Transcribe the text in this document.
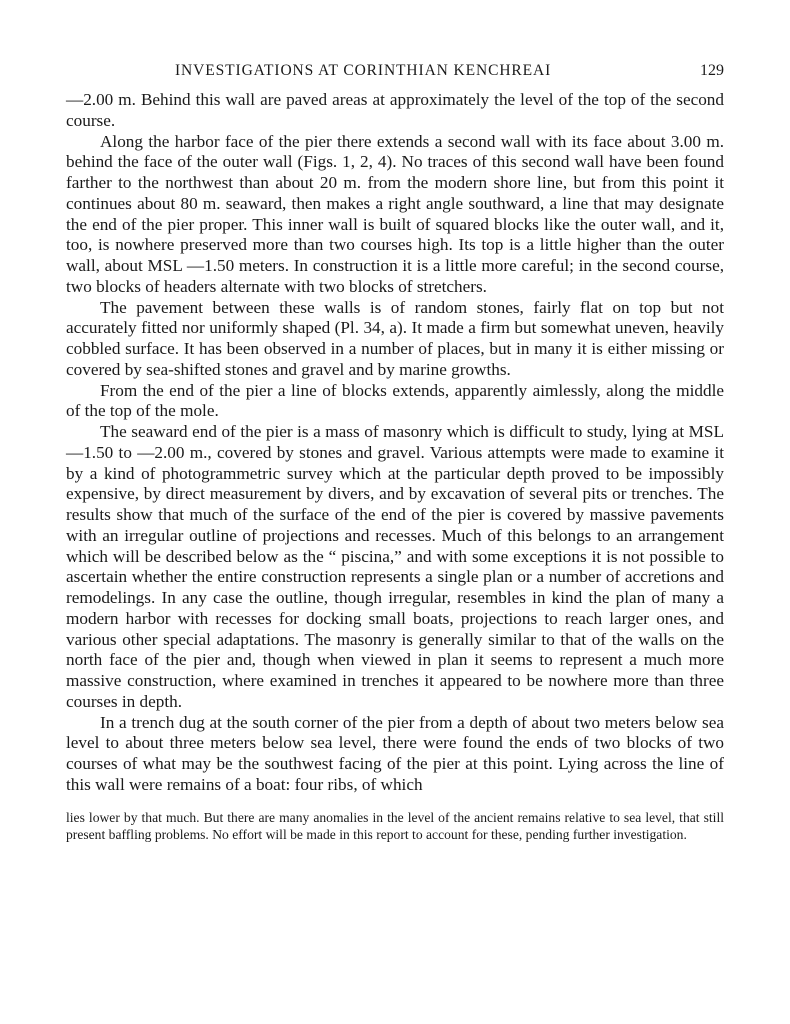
INVESTIGATIONS AT CORINTHIAN KENCHREAI	129

—2.00 m. Behind this wall are paved areas at approximately the level of the top of the second course.

Along the harbor face of the pier there extends a second wall with its face about 3.00 m. behind the face of the outer wall (Figs. 1, 2, 4). No traces of this second wall have been found farther to the northwest than about 20 m. from the modern shore line, but from this point it continues about 80 m. seaward, then makes a right angle southward, a line that may designate the end of the pier proper. This inner wall is built of squared blocks like the outer wall, and it, too, is nowhere preserved more than two courses high. Its top is a little higher than the outer wall, about MSL —1.50 meters. In construction it is a little more careful; in the second course, two blocks of headers alternate with two blocks of stretchers.

The pavement between these walls is of random stones, fairly flat on top but not accurately fitted nor uniformly shaped (Pl. 34, a). It made a firm but somewhat uneven, heavily cobbled surface. It has been observed in a number of places, but in many it is either missing or covered by sea-shifted stones and gravel and by marine growths.

From the end of the pier a line of blocks extends, apparently aimlessly, along the middle of the top of the mole.

The seaward end of the pier is a mass of masonry which is difficult to study, lying at MSL —1.50 to —2.00 m., covered by stones and gravel. Various attempts were made to examine it by a kind of photogrammetric survey which at the particular depth proved to be impossibly expensive, by direct measurement by divers, and by excavation of several pits or trenches. The results show that much of the surface of the end of the pier is covered by massive pavements with an irregular outline of projections and recesses. Much of this belongs to an arrangement which will be described below as the “ piscina,” and with some exceptions it is not possible to ascertain whether the entire construction represents a single plan or a number of accretions and remodelings. In any case the outline, though irregular, resembles in kind the plan of many a modern harbor with recesses for docking small boats, projections to reach larger ones, and various other special adaptations. The masonry is generally similar to that of the walls on the north face of the pier and, though when viewed in plan it seems to represent a much more massive construction, where examined in trenches it appeared to be nowhere more than three courses in depth.

In a trench dug at the south corner of the pier from a depth of about two meters below sea level to about three meters below sea level, there were found the ends of two blocks of two courses of what may be the southwest facing of the pier at this point. Lying across the line of this wall were remains of a boat: four ribs, of which

lies lower by that much. But there are many anomalies in the level of the ancient remains relative to sea level, that still present baffling problems. No effort will be made in this report to account for these, pending further investigation.
